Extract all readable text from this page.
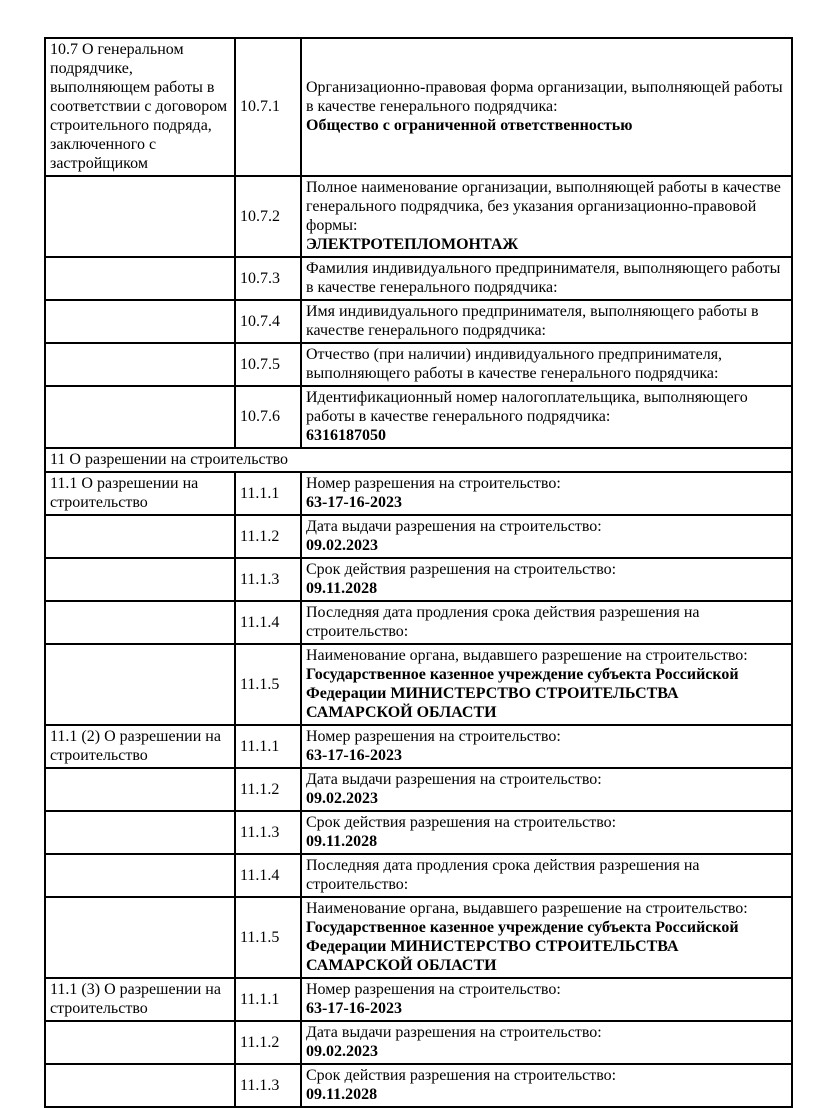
10.7 О генеральном подрядчике, выполняющем работы в соответствии с договором строительного подряда, заключенного с застройщиком	10.7.1	Организационно-правовая форма организации, выполняющей работы в качестве генерального подрядчика:
Общество с ограниченной ответственностью

	10.7.2	Полное наименование организации, выполняющей работы в качестве генерального подрядчика, без указания организационно-правовой формы:
ЭЛЕКТРОТЕПЛОМОНТАЖ

	10.7.3	Фамилия индивидуального предпринимателя, выполняющего работы в качестве генерального подрядчика:

	10.7.4	Имя индивидуального предпринимателя, выполняющего работы в качестве генерального подрядчика:

	10.7.5	Отчество (при наличии) индивидуального предпринимателя, выполняющего работы в качестве генерального подрядчика:

	10.7.6	Идентификационный номер налогоплательщика, выполняющего работы в качестве генерального подрядчика:
6316187050

11 О разрешении на строительство		
11.1 О разрешении на строительство	11.1.1	Номер разрешения на строительство:
63-17-16-2023

	11.1.2	Дата выдачи разрешения на строительство:
09.02.2023

	11.1.3	Срок действия разрешения на строительство:
09.11.2028

	11.1.4	Последняя дата продления срока действия разрешения на строительство:

	11.1.5	Наименование органа, выдавшего разрешение на строительство:
Государственное казенное учреждение субъекта Российской Федерации МИНИСТЕРСТВО СТРОИТЕЛЬСТВА САМАРСКОЙ ОБЛАСТИ

11.1 (2) О разрешении на строительство	11.1.1	Номер разрешения на строительство:
63-17-16-2023

	11.1.2	Дата выдачи разрешения на строительство:
09.02.2023

	11.1.3	Срок действия разрешения на строительство:
09.11.2028

	11.1.4	Последняя дата продления срока действия разрешения на строительство:

	11.1.5	Наименование органа, выдавшего разрешение на строительство:
Государственное казенное учреждение субъекта Российской Федерации МИНИСТЕРСТВО СТРОИТЕЛЬСТВА САМАРСКОЙ ОБЛАСТИ

11.1 (3) О разрешении на строительство	11.1.1	Номер разрешения на строительство:
63-17-16-2023

	11.1.2	Дата выдачи разрешения на строительство:
09.02.2023

	11.1.3	Срок действия разрешения на строительство:
09.11.2028
